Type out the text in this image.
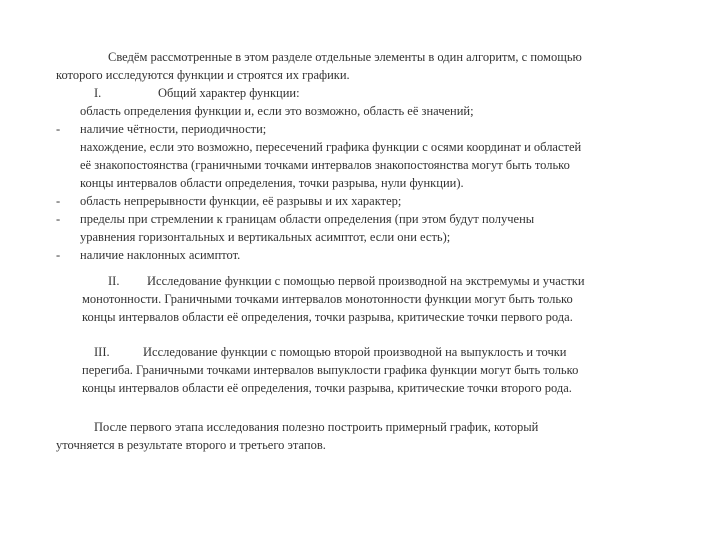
Сведём рассмотренные в этом разделе отдельные элементы в один алгоритм, с помощью
которого исследуются функции и строятся их графики.
I.	Общий характер функции:
область определения функции и, если это возможно, область её значений;
- наличие чётности, периодичности;
нахождение, если это возможно, пересечений графика функции с осями координат и областей
её знакопостоянства (граничными точками интервалов знакопостоянства могут быть только
концы интервалов области определения, точки разрыва, нули функции).
- область непрерывности функции, её разрывы и их характер;
- пределы при стремлении к границам области определения (при этом будут получены
уравнения горизонтальных и вертикальных асимптот, если они есть);
- наличие наклонных асимптот.
II. Исследование функции с помощью первой производной на экстремумы и участки
монотонности. Граничными точками интервалов монотонности функции могут быть только
концы интервалов области её определения, точки разрыва, критические точки первого рода.
III.	Исследование функции с помощью второй производной на выпуклость и точки
перегиба. Граничными точками интервалов выпуклости графика функции могут быть только
концы интервалов области её определения, точки разрыва, критические точки второго рода.
После первого этапа исследования полезно построить примерный график, который
уточняется в результате второго и третьего этапов.
